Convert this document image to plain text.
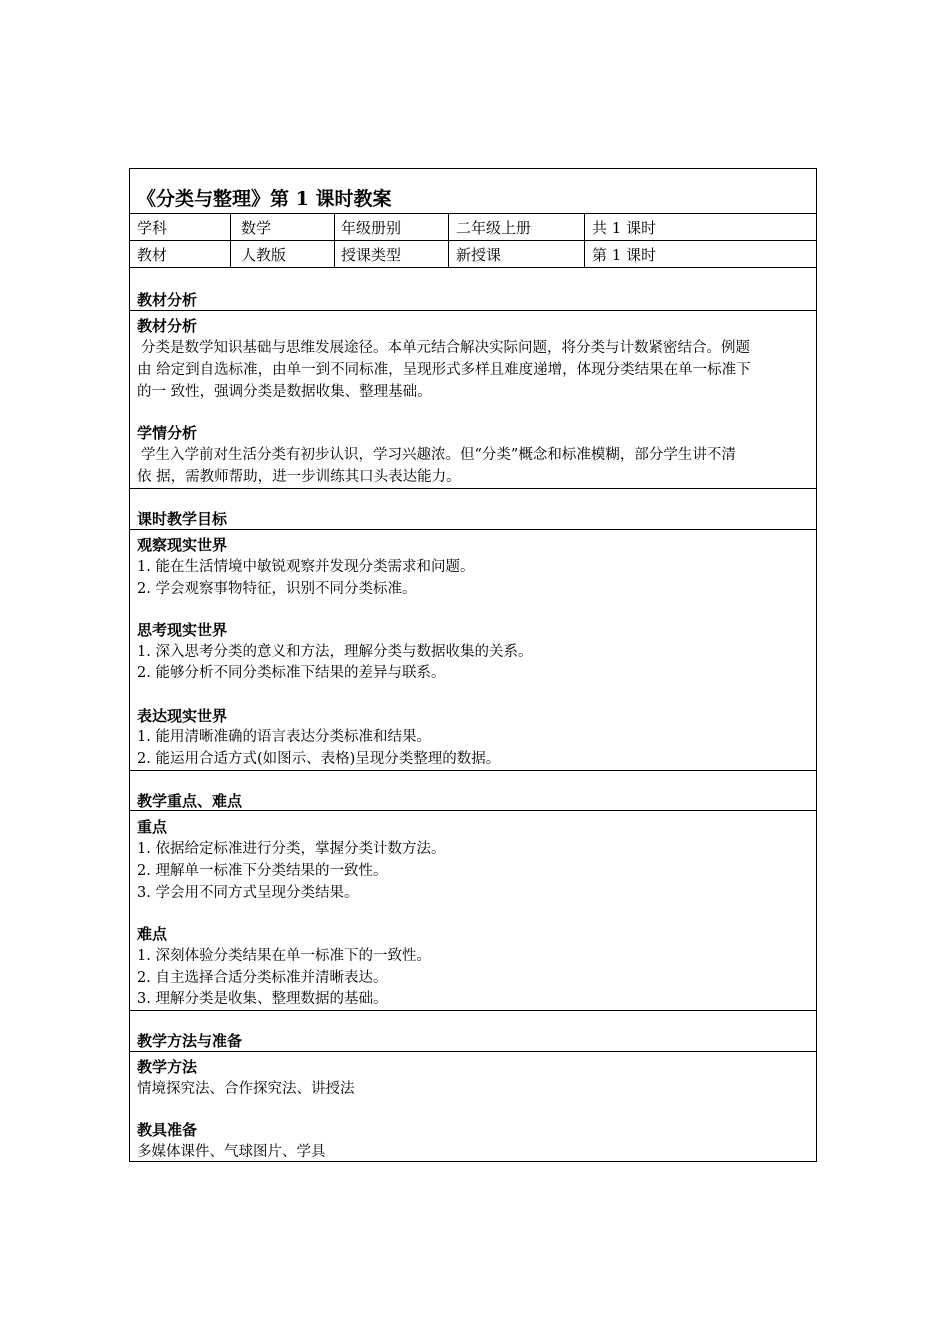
《分类与整理》第 1 课时教案
学科	数学	年级册别	二年级上册	共 1 课时
教材	人教版	授课类型	新授课	第 1 课时
教材分析
教材分析
分类是数学知识基础与思维发展途径。本单元结合解决实际问题，将分类与计数紧密结合。例题
由 给定到自选标准，由单一到不同标准，呈现形式多样且难度递增，体现分类结果在单一标准下
的一 致性，强调分类是数据收集、整理基础。
学情分析
学生入学前对生活分类有初步认识，学习兴趣浓。但“分类”概念和标准模糊，部分学生讲不清
依 据，需教师帮助，进一步训练其口头表达能力。
课时教学目标
观察现实世界
1. 能在生活情境中敏锐观察并发现分类需求和问题。
2. 学会观察事物特征，识别不同分类标准。
思考现实世界
1. 深入思考分类的意义和方法，理解分类与数据收集的关系。
2. 能够分析不同分类标准下结果的差异与联系。
表达现实世界
1. 能用清晰准确的语言表达分类标准和结果。
2. 能运用合适方式(如图示、表格)呈现分类整理的数据。
教学重点、难点
重点
1. 依据给定标准进行分类，掌握分类计数方法。
2. 理解单一标准下分类结果的一致性。
3. 学会用不同方式呈现分类结果。
难点
1. 深刻体验分类结果在单一标准下的一致性。
2. 自主选择合适分类标准并清晰表达。
3. 理解分类是收集、整理数据的基础。
教学方法与准备
教学方法
情境探究法、合作探究法、讲授法
教具准备
多媒体课件、气球图片、学具
